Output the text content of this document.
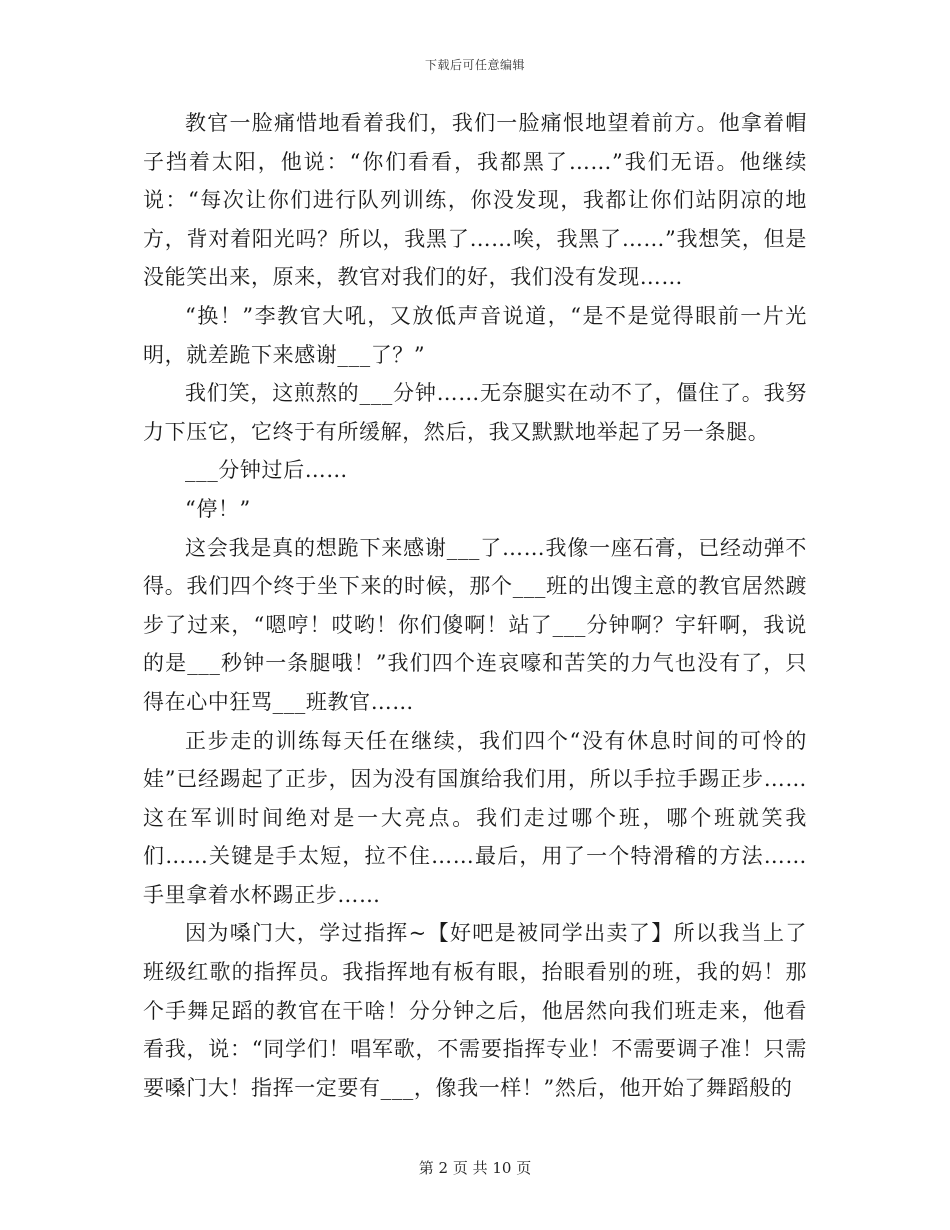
下载后可任意编辑

教官一脸痛惜地看着我们，我们一脸痛恨地望着前方。他拿着帽子挡着太阳，他说：“你们看看，我都黑了……”我们无语。他继续说：“每次让你们进行队列训练，你没发现，我都让你们站阴凉的地方，背对着阳光吗？所以，我黑了……唉，我黑了……”我想笑，但是没能笑出来，原来，教官对我们的好，我们没有发现……

“换！”李教官大吼，又放低声音说道，“是不是觉得眼前一片光明，就差跪下来感谢___了？”

我们笑，这煎熬的___分钟……无奈腿实在动不了，僵住了。我努力下压它，它终于有所缓解，然后，我又默默地举起了另一条腿。

___分钟过后……

“停！”

这会我是真的想跪下来感谢___了……我像一座石膏，已经动弹不得。我们四个终于坐下来的时候，那个___班的出馊主意的教官居然踱步了过来，“嗯哼！哎哟！你们傻啊！站了___分钟啊？宇轩啊，我说的是___秒钟一条腿哦！”我们四个连哀嚎和苦笑的力气也没有了，只得在心中狂骂___班教官……

正步走的训练每天任在继续，我们四个“没有休息时间的可怜的娃”已经踢起了正步，因为没有国旗给我们用，所以手拉手踢正步……这在军训时间绝对是一大亮点。我们走过哪个班，哪个班就笑我们……关键是手太短，拉不住……最后，用了一个特滑稽的方法……手里拿着水杯踢正步……

因为嗓门大，学过指挥~【好吧是被同学出卖了】所以我当上了班级红歌的指挥员。我指挥地有板有眼，抬眼看别的班，我的妈！那个手舞足蹈的教官在干啥！分分钟之后，他居然向我们班走来，他看看我，说：“同学们！唱军歌，不需要指挥专业！不需要调子准！只需要嗓门大！指挥一定要有___，像我一样！”然后，他开始了舞蹈般的

第 2 页 共 10 页
